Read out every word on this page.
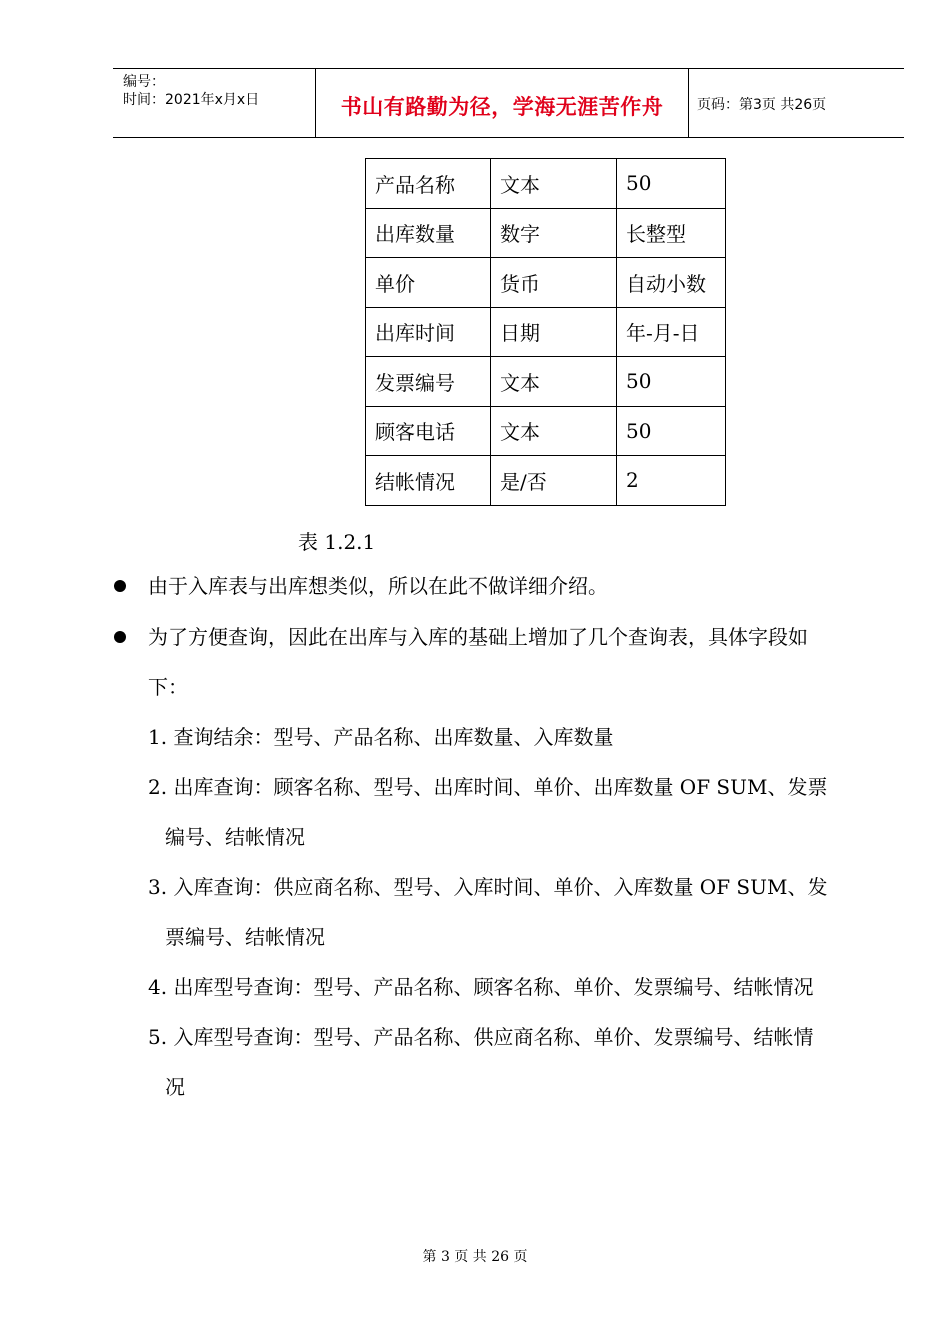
编号：
时间：2021年x月x日	书山有路勤为径，学海无涯苦作舟	页码：第3页 共26页
产品名称	文本	50
出库数量	数字	长整型
单价	货币	自动小数
出库时间	日期	年-月-日
发票编号	文本	50
顾客电话	文本	50
结帐情况	是/否	2
表 1.2.1
由于入库表与出库想类似，所以在此不做详细介绍。
为了方便查询，因此在出库与入库的基础上增加了几个查询表，具体字段如
下：
1. 查询结余：型号、产品名称、出库数量、入库数量
2. 出库查询：顾客名称、型号、出库时间、单价、出库数量 OF SUM、发票
编号、结帐情况
3. 入库查询：供应商名称、型号、入库时间、单价、入库数量 OF SUM、发
票编号、结帐情况
4. 出库型号查询：型号、产品名称、顾客名称、单价、发票编号、结帐情况
5. 入库型号查询：型号、产品名称、供应商名称、单价、发票编号、结帐情
况
第 3 页 共 26 页
